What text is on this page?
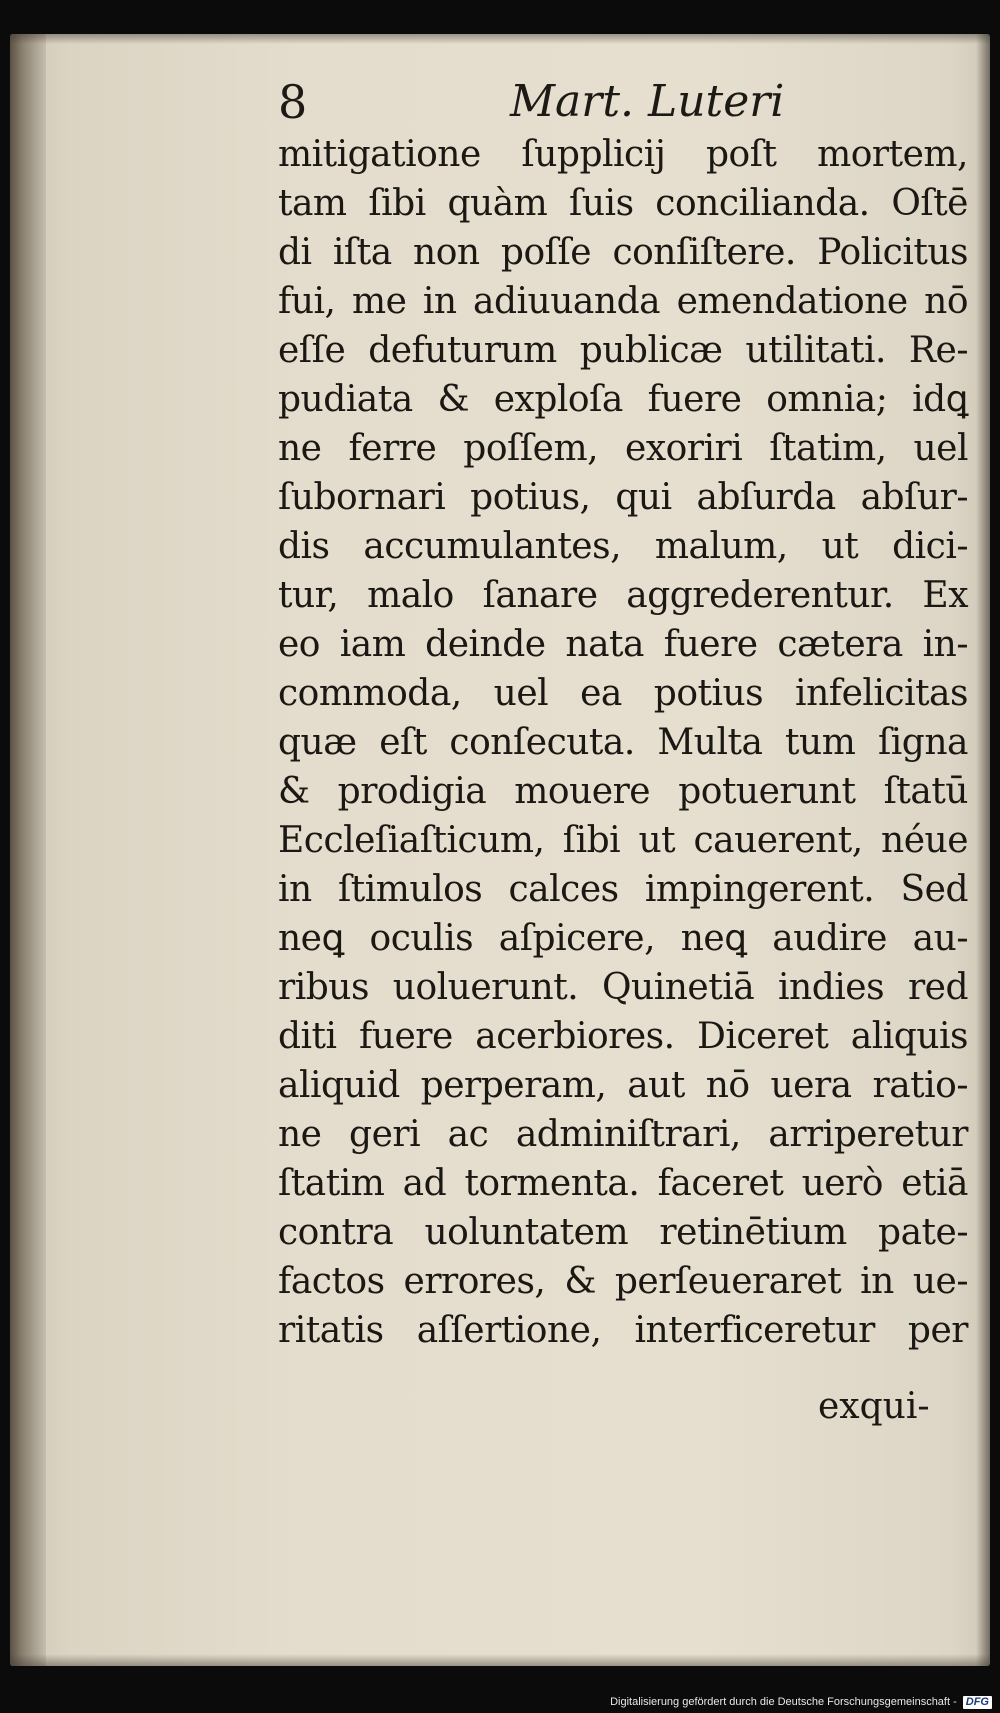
8	Mart. Luteri
mitigatione ſupplicij poſt mortem,
tam ſibi quàm ſuis concilianda. Oſtē
di iſta non poſſe conſiſtere. Policitus
fui, me in adiuuanda emendatione nō
eſſe defuturum publicæ utilitati. Re-
pudiata & exploſa fuere omnia; idꝗ
ne ferre poſſem, exoriri ſtatim, uel
ſubornari potius, qui abſurda abſur-
dis accumulantes, malum, ut dici-
tur, malo ſanare aggrederentur. Ex
eo iam deinde nata fuere cætera in-
commoda, uel ea potius infelicitas
quæ eſt conſecuta. Multa tum ſigna
& prodigia mouere potuerunt ſtatū
Eccleſiaſticum, ſibi ut cauerent, néue
in ſtimulos calces impingerent. Sed
neꝗ oculis aſpicere, neꝗ audire au-
ribus uoluerunt. Quinetiā indies red
diti fuere acerbiores. Diceret aliquis
aliquid perperam, aut nō uera ratio-
ne geri ac adminiſtrari, arriperetur
ſtatim ad tormenta. faceret uerò etiā
contra uoluntatem retinētium pate-
factos errores, & perſeueraret in ue-
ritatis aſſertione, interficeretur per
exqui-
Digitalisierung gefördert durch die Deutsche Forschungsgemeinschaft - DFG
